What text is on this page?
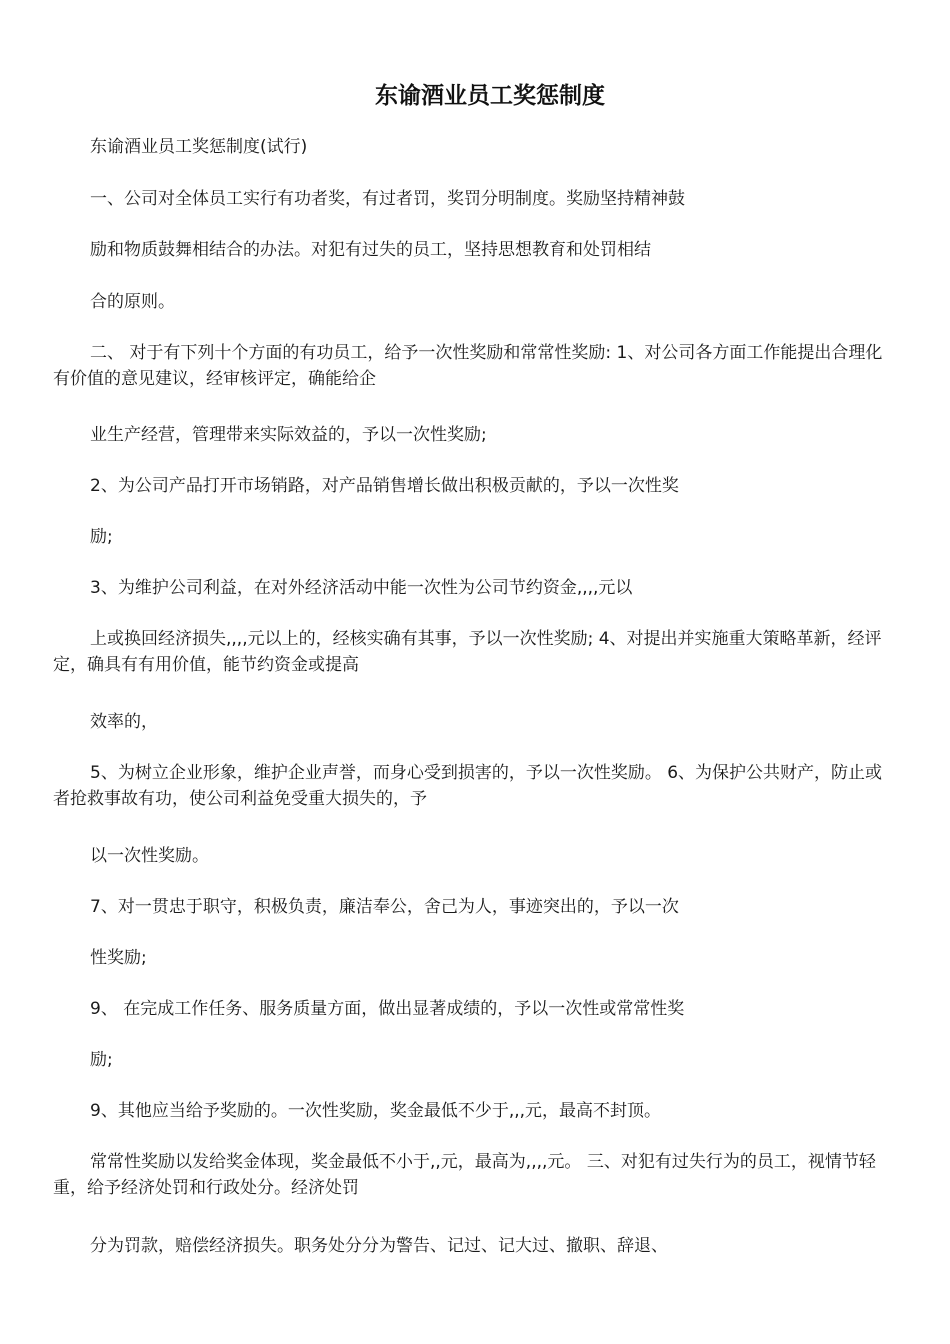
东谕酒业员工奖惩制度
东谕酒业员工奖惩制度(试行)
一、公司对全体员工实行有功者奖，有过者罚，奖罚分明制度。奖励坚持精神鼓
励和物质鼓舞相结合的办法。对犯有过失的员工，坚持思想教育和处罚相结
合的原则。
二、 对于有下列十个方面的有功员工，给予一次性奖励和常常性奖励: 1、对公司各方面工作能提出合理化有价值的意见建议，经审核评定，确能给企
业生产经营，管理带来实际效益的，予以一次性奖励;
2、为公司产品打开市场销路，对产品销售增长做出积极贡献的，予以一次性奖
励;
3、为维护公司利益，在对外经济活动中能一次性为公司节约资金,,,,元以
上或换回经济损失,,,,元以上的，经核实确有其事，予以一次性奖励; 4、对提出并实施重大策略革新，经评定，确具有有用价值，能节约资金或提高
效率的，
5、为树立企业形象，维护企业声誉，而身心受到损害的，予以一次性奖励。 6、为保护公共财产，防止或者抢救事故有功，使公司利益免受重大损失的，予
以一次性奖励。
7、对一贯忠于职守，积极负责，廉洁奉公，舍己为人，事迹突出的，予以一次
性奖励;
9、 在完成工作任务、服务质量方面，做出显著成绩的，予以一次性或常常性奖
励;
9、其他应当给予奖励的。一次性奖励，奖金最低不少于,,,元，最高不封顶。
常常性奖励以发给奖金体现，奖金最低不小于,,元，最高为,,,,元。 三、对犯有过失行为的员工，视情节轻重，给予经济处罚和行政处分。经济处罚
分为罚款，赔偿经济损失。职务处分分为警告、记过、记大过、撤职、辞退、
